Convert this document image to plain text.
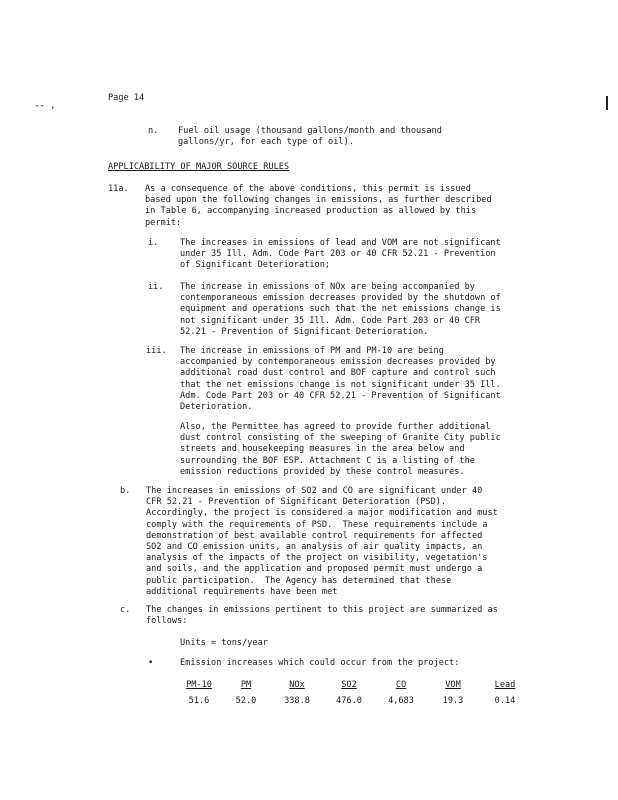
Page 14
-- ,
n. Fuel oil usage (thousand gallons/month and thousand
gallons/yr, for each type of oil).
APPLICABILITY OF MAJOR SOURCE RULES
11a. As a consequence of the above conditions, this permit is issued
based upon the following changes in emissions, as further described
in Table 6, accompanying increased production as allowed by this
permit:
i.	The increases in emissions of lead and VOM are not significant
under 35 Ill. Adm. Code Part 203 or 40 CFR 52.21 - Prevention
of Significant Deterioration;
ii. The increase in emissions of NOx are being accompanied by
contemporaneous emission decreases provided by the shutdown of
equipment and operations such that the net emissions change is
not significant under 35 Ill. Adm. Code Part 203 or 40 CFR
52.21 - Prevention of Significant Deterioration.
iii. The increase in emissions of PM and PM-10 are being
accompanied by contemporaneous emission decreases provided by
additional road dust control and BOF capture and control such
that the net emissions change is not significant under 35 Ill.
Adm. Code Part 203 or 40 CFR 52.21 - Prevention of Significant
Deterioration.
Also, the Permittee has agreed to provide further additional
dust control consisting of the sweeping of Granite City public
streets and housekeeping measures in the area below and
surrounding the BOF ESP. Attachment C is a listing of the
emission reductions provided by these control measures.
b. The increases in emissions of SO2 and CO are significant under 40
CFR 52.21 - Prevention of Significant Deterioration (PSD).
Accordingly, the project is considered a major modification and must
comply with the requirements of PSD.  These requirements include a
demonstration of best available control requirements for affected
SO2 and CO emission units, an analysis of air quality impacts, an
analysis of the impacts of the project on visibility, vegetation's
and soils, and the application and proposed permit must undergo a
public participation.  The Agency has determined that these
additional requirements have been met
c. The changes in emissions pertinent to this project are summarized as
follows:
Units = tons/year
•	Emission increases which could occur from the project:
PM-10	PM	NOx	SO2	CO	VOM	Lead
51.6	52.0	338.8	476.0	4,683	19.3	0.14
